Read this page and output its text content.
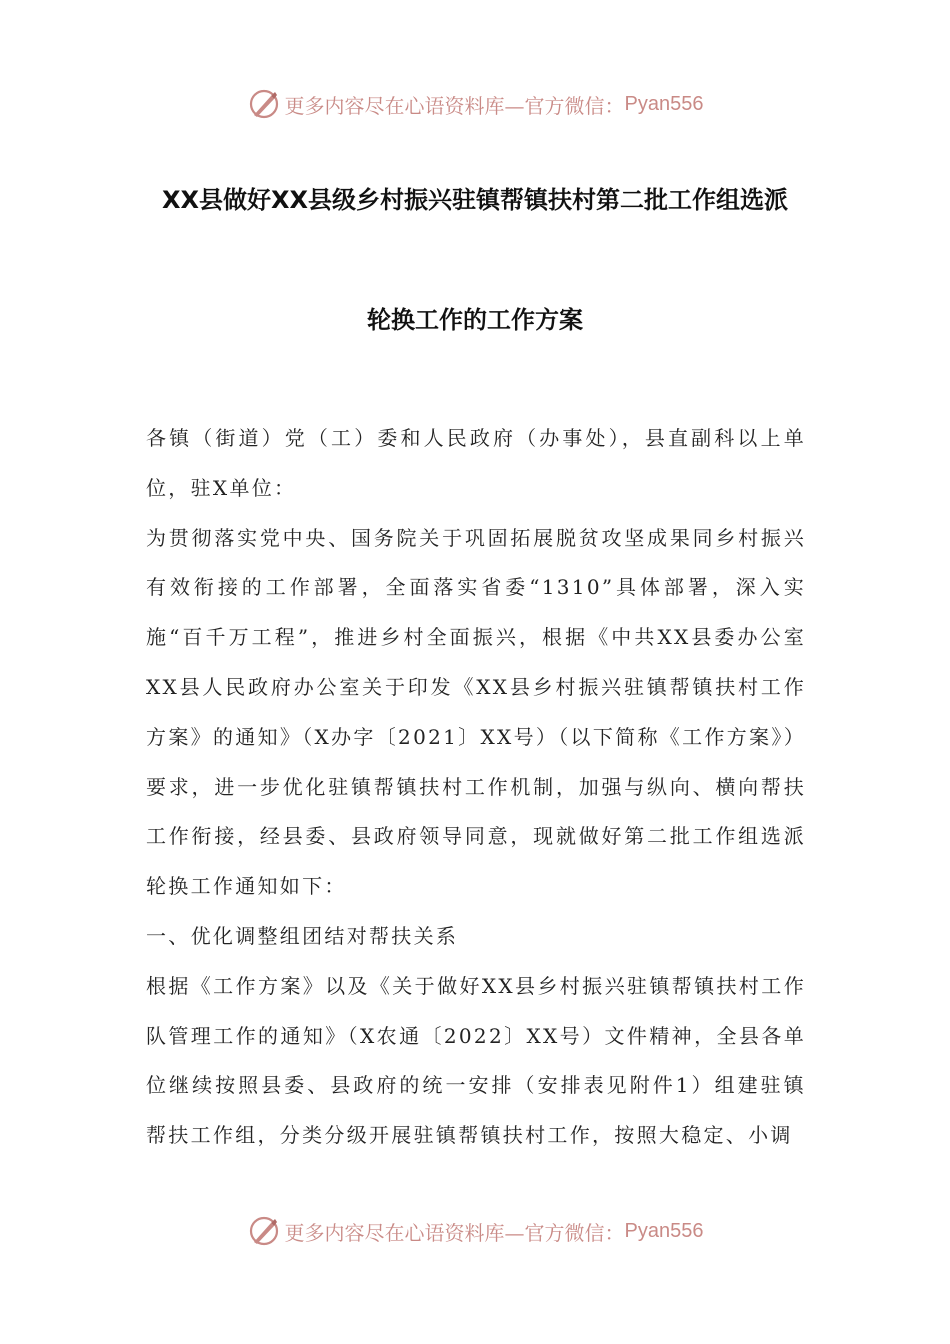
更多内容尽在心语资料库—官方微信： Pyan556
XX县做好XX县级乡村振兴驻镇帮镇扶村第二批工作组选派
轮换工作的工作方案

各镇（街道）党（工）委和人民政府（办事处），县直副科以上单位，驻X单位：

为贯彻落实党中央、国务院关于巩固拓展脱贫攻坚成果同乡村振兴有效衔接的工作部署，全面落实省委“1310”具体部署，深入实施“百千万工程”，推进乡村全面振兴，根据《中共XX县委办公室XX县人民政府办公室关于印发《XX县乡村振兴驻镇帮镇扶村工作方案》的通知》（X办字〔2021〕XX号）（以下简称《工作方案》）要求，进一步优化驻镇帮镇扶村工作机制，加强与纵向、横向帮扶工作衔接，经县委、县政府领导同意，现就做好第二批工作组选派轮换工作通知如下：

一、优化调整组团结对帮扶关系

根据《工作方案》以及《关于做好XX县乡村振兴驻镇帮镇扶村工作队管理工作的通知》（X农通〔2022〕XX号）文件精神，全县各单位继续按照县委、县政府的统一安排（安排表见附件1）组建驻镇帮扶工作组，分类分级开展驻镇帮镇扶村工作，按照大稳定、小调

更多内容尽在心语资料库—官方微信： Pyan556
